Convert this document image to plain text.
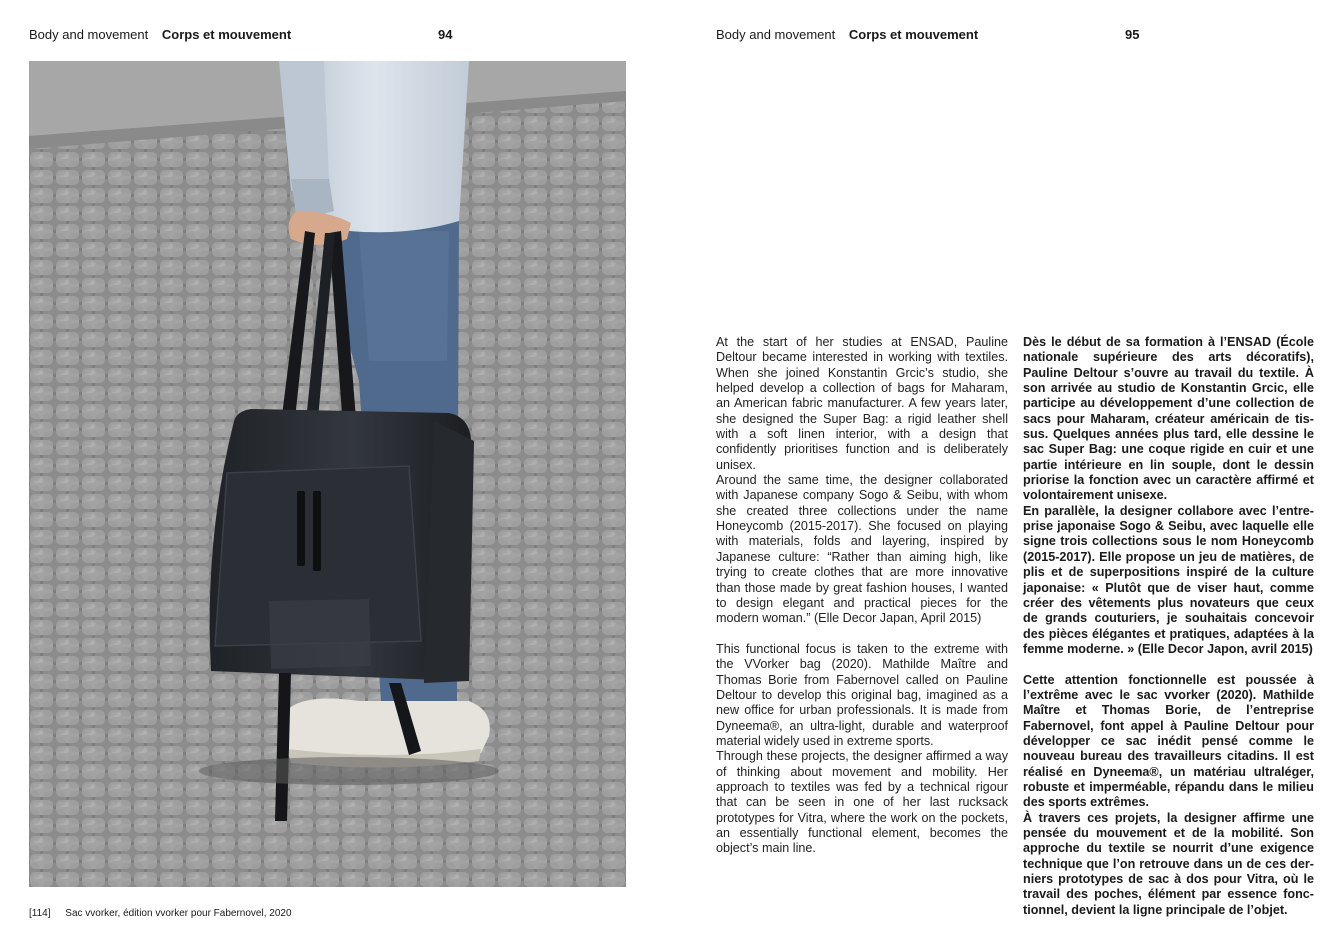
Body and movement Corps et mouvement	94
[114] Sac vvorker, édition vvorker pour Fabernovel, 2020
Body and movement Corps et mouvement	95

At the start of her studies at ENSAD, Pauline Deltour became interested in working with textiles. When she joined Konstantin Grcic’s studio, she helped develop a collection of bags for Maharam, an American fabric manufacturer. A few years later, she designed the Super Bag: a rigid leather shell with a soft linen interior, with a design that confidently prioritises function and is deliberately unisex.

Around the same time, the designer collaborated with Japanese company Sogo & Seibu, with whom she created three collections under the name Honeycomb (2015-2017). She focused on playing with materials, folds and layering, inspired by Japanese culture: “Rather than aiming high, like trying to create clothes that are more innovative than those made by great fashion houses, I wanted to design elegant and practical pieces for the modern woman.” (Elle Decor Japan, April 2015)

This functional focus is taken to the extreme with the VVorker bag (2020). Mathilde Maître and Thomas Borie from Fabernovel called on Pauline Deltour to develop this original bag, imagined as a new office for urban professionals. It is made from Dyneema®, an ultra-light, durable and waterproof material widely used in extreme sports.

Through these projects, the designer affirmed a way of thinking about movement and mobility. Her approach to textiles was fed by a technical rigour that can be seen in one of her last rucksack prototypes for Vitra, where the work on the pockets, an essentially functional element, becomes the object’s main line.

Dès le début de sa formation à l’ENSAD (École nationale supérieure des arts décoratifs), Pauline Deltour s’ouvre au travail du textile. À son arrivée au studio de Konstantin Grcic, elle participe au développement d’une collection de sacs pour Maharam, créateur américain de tissus. Quelques années plus tard, elle dessine le sac Super Bag: une coque rigide en cuir et une partie intérieure en lin souple, dont le dessin priorise la fonction avec un caractère affirmé et volontairement unisexe.

En parallèle, la designer collabore avec l’entreprise japonaise Sogo & Seibu, avec laquelle elle signe trois collections sous le nom Honeycomb (2015-2017). Elle propose un jeu de matières, de plis et de superpositions inspiré de la culture japonaise: « Plutôt que de viser haut, comme créer des vêtements plus novateurs que ceux de grands couturiers, je souhaitais concevoir des pièces élégantes et pratiques, adaptées à la femme moderne. » (Elle Decor Japon, avril 2015)

Cette attention fonctionnelle est poussée à l’extrême avec le sac vvorker (2020). Mathilde Maître et Thomas Borie, de l’entreprise Fabernovel, font appel à Pauline Deltour pour développer ce sac inédit pensé comme le nouveau bureau des travailleurs citadins. Il est réalisé en Dyneema®, un matériau ultraléger, robuste et imperméable, répandu dans le milieu des sports extrêmes.

À travers ces projets, la designer affirme une pensée du mouvement et de la mobilité. Son approche du textile se nourrit d’une exigence technique que l’on retrouve dans un de ces derniers prototypes de sac à dos pour Vitra, où le travail des poches, élément par essence fonctionnel, devient la ligne principale de l’objet.
